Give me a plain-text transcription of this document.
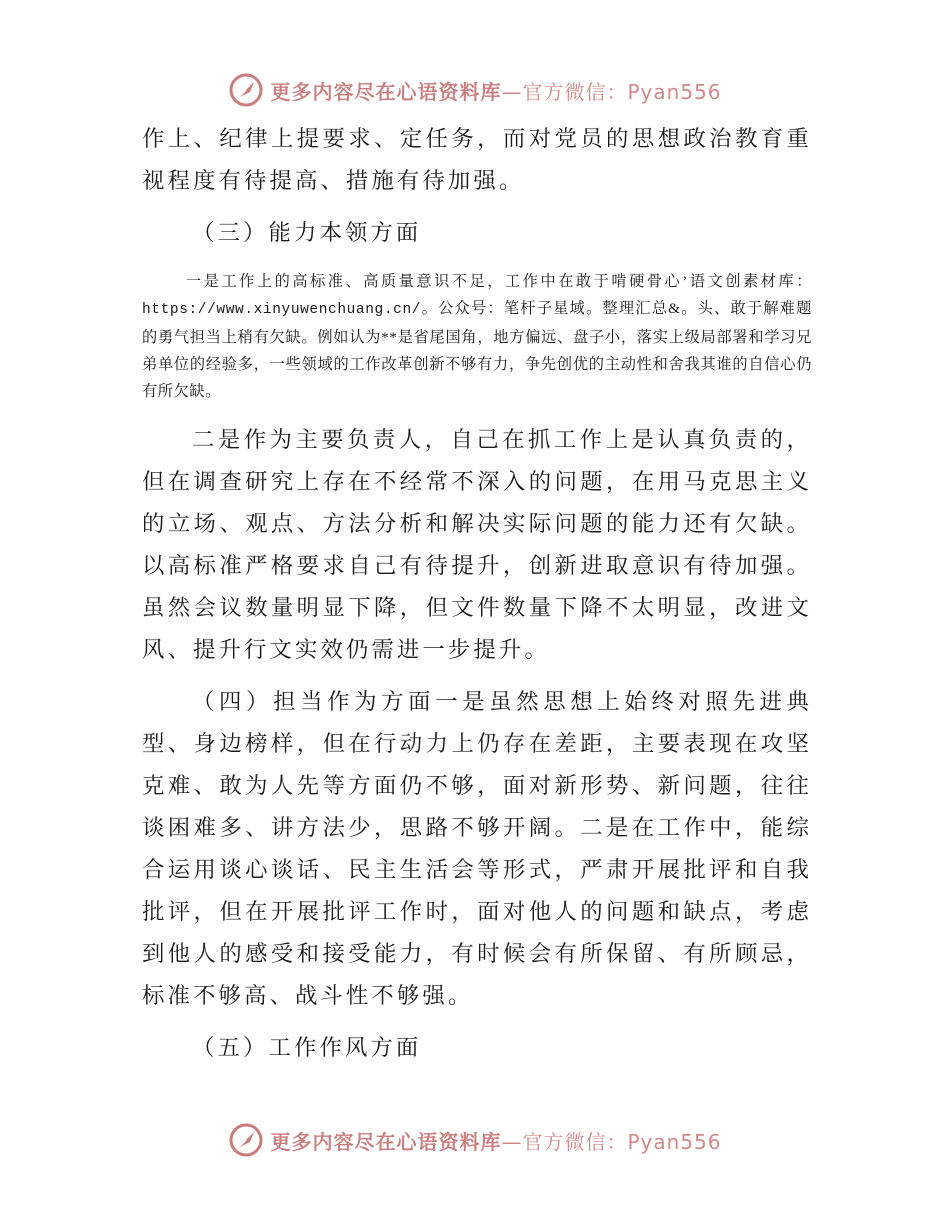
更多内容尽在心语资料库—官方微信：Pyan556

作上、纪律上提要求、定任务，而对党员的思想政治教育重视程度有待提高、措施有待加强。

（三）能力本领方面

一是工作上的高标准、高质量意识不足，工作中在敢于啃硬骨心’语文创素材库：https://www.xinyuwenchuang.cn/。公众号：笔杆子星域。整理汇总&。头、敢于解难题的勇气担当上稍有欠缺。例如认为**是省尾国角，地方偏远、盘子小，落实上级局部署和学习兄弟单位的经验多，一些领域的工作改革创新不够有力，争先创优的主动性和舍我其谁的自信心仍有所欠缺。

二是作为主要负责人，自己在抓工作上是认真负责的，但在调查研究上存在不经常不深入的问题，在用马克思主义的立场、观点、方法分析和解决实际问题的能力还有欠缺。以高标准严格要求自己有待提升，创新进取意识有待加强。虽然会议数量明显下降，但文件数量下降不太明显，改进文风、提升行文实效仍需进一步提升。

（四）担当作为方面一是虽然思想上始终对照先进典型、身边榜样，但在行动力上仍存在差距，主要表现在攻坚克难、敢为人先等方面仍不够，面对新形势、新问题，往往谈困难多、讲方法少，思路不够开阔。二是在工作中，能综合运用谈心谈话、民主生活会等形式，严肃开展批评和自我批评，但在开展批评工作时，面对他人的问题和缺点，考虑到他人的感受和接受能力，有时候会有所保留、有所顾忌，标准不够高、战斗性不够强。

（五）工作作风方面

更多内容尽在心语资料库—官方微信：Pyan556
